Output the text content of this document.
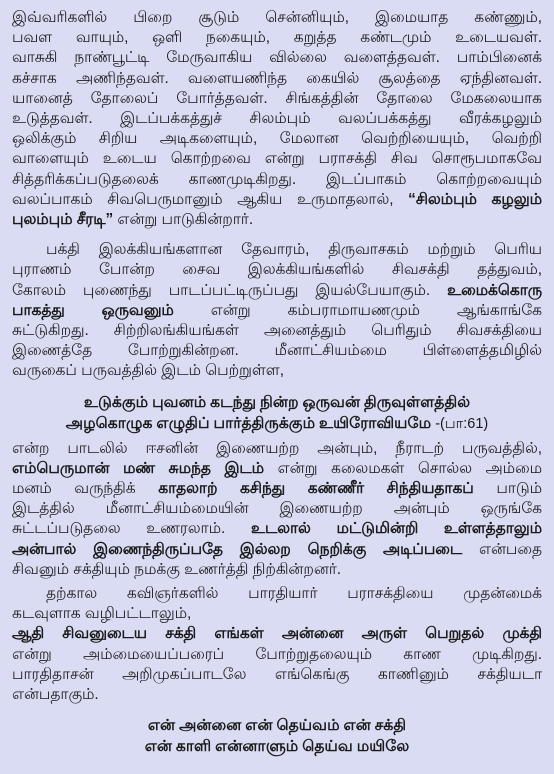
இவ்வரிகளில் பிறை சூடும் சென்னியும், இமையாத கண்ணும்,
பவள வாயும், ஒளி நகையும், கறுத்த கண்டமும் உடையவள்.
வாசுகி நாண்பூட்டி மேருவாகிய வில்லை வளைத்தவள். பாம்பினைக்
கச்சாக அணிந்தவள். வளையணிந்த கையில் சூலத்தை ஏந்தினவள்.
யானைத் தோலைப் போர்த்தவள். சிங்கத்தின் தோலை மேகலையாக
உடுத்தவள். இடப்பக்கத்துச் சிலம்பும் வலப்பக்கத்து வீரக்கழலும்
ஒலிக்கும் சிறிய அடிகளையும், மேலான வெற்றியையும், வெற்றி
வாளையும் உடைய கொற்றவை என்று பராசக்தி சிவ சொரூபமாகவே
சித்தரிக்கப்படுதலைக் காணமுடிகிறது. இடப்பாகம் கொற்றவையும்
வலப்பாகம் சிவபெருமானும் ஆகிய உருமாதலால், “சிலம்பும் கழலும்
புலம்பும் சீரடி” என்று பாடுகின்றார்.
பக்தி இலக்கியங்களான தேவாரம், திருவாசகம் மற்றும் பெரிய
புராணம் போன்ற சைவ இலக்கியங்களில் சிவசக்தி தத்துவம்,
கோலம் புணைந்து பாடப்பட்டிருப்பது இயல்பேயாகும். உமைக்கொரு
பாகத்து ஒருவனும் என்று கம்பராமாயணமும் ஆங்காங்கே
சுட்டுகிறது. சிற்றிலங்கியங்கள் அனைத்தும் பெரிதும் சிவசக்தியை
இணைத்தே போற்றுகின்றன. மீனாட்சியம்மை பிள்ளைத்தமிழில்
வருகைப் பருவத்தில் இடம் பெற்றுள்ள,
உடுக்கும் புவனம் கடந்து நின்ற ஒருவன் திருவுள்ளத்தில்
அழகொழுக எழுதிப் பார்த்திருக்கும் உயிரோவியமே -(பா:61)
என்ற பாடலில் ஈசனின் இணையற்ற அன்பும், நீராடற் பருவத்தில்,
எம்பெருமான் மண் சுமந்த இடம் என்று கலைமகள் சொல்ல அம்மை
மனம் வருந்திக் காதலாற் கசிந்து கண்ணீர் சிந்தியதாகப் பாடும்
இடத்தில் மீனாட்சியம்மையின் இணையற்ற அன்பும் ஒருங்கே
சுட்டப்படுதலை உணரலாம். உடலால் மட்டுமின்றி உள்ளத்தாலும்
அன்பால் இணைந்திருப்பதே இல்லற நெறிக்கு அடிப்படை என்பதை
சிவனும் சக்தியும் நமக்கு உணர்த்தி நிற்கின்றனர்.
தற்கால கவிஞர்களில் பாரதியார் பராசக்தியை முதன்மைக்
கடவுளாக வழிபட்டாலும்,
ஆதி சிவனுடைய சக்தி எங்கள் அன்னை அருள் பெறுதல் முக்தி
என்று அம்மையைப்பரைப் போற்றுதலையும் காண முடிகிறது.
பாரதிதாசன் அறிமுகப்பாடலே எங்கெங்கு காணினும் சக்தியடா
என்பதாகும்.
என் அன்னை என் தெய்வம் என் சக்தி
என் காளி என்னாளும் தெய்வ மயிலே
